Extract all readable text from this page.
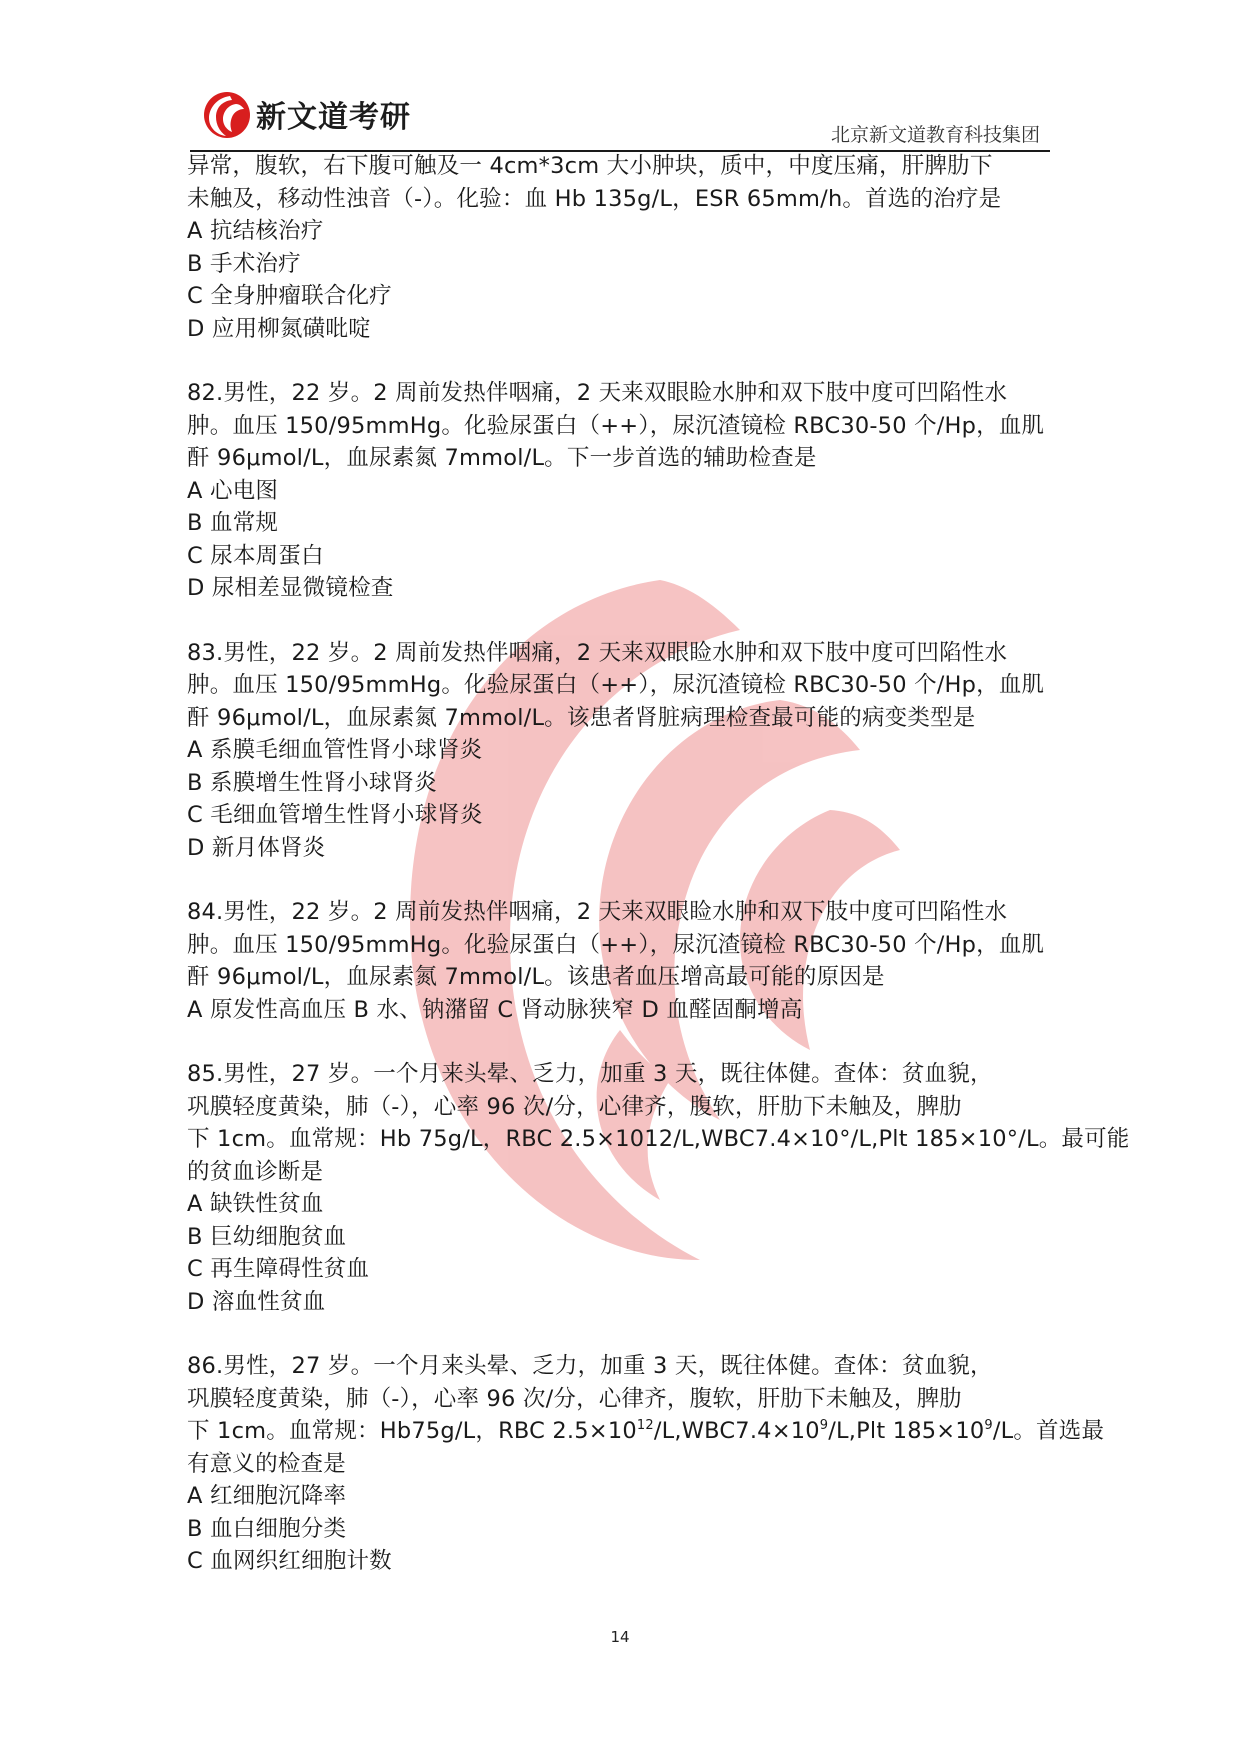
新文道考研	北京新文道教育科技集团
异常，腹软，右下腹可触及一 4cm*3cm 大小肿块，质中，中度压痛，肝脾肋下
未触及，移动性浊音（-）。化验：血 Hb 135g/L，ESR 65mm/h。首选的治疗是
A 抗结核治疗
B 手术治疗
C 全身肿瘤联合化疗
D 应用柳氮磺吡啶
82.男性，22 岁。2 周前发热伴咽痛，2 天来双眼睑水肿和双下肢中度可凹陷性水
肿。血压 150/95mmHg。化验尿蛋白（++），尿沉渣镜检 RBC30-50 个/Hp，血肌
酐 96μmol/L，血尿素氮 7mmol/L。下一步首选的辅助检查是
A 心电图
B 血常规
C 尿本周蛋白
D 尿相差显微镜检查
83.男性，22 岁。2 周前发热伴咽痛，2 天来双眼睑水肿和双下肢中度可凹陷性水
肿。血压 150/95mmHg。化验尿蛋白（++），尿沉渣镜检 RBC30-50 个/Hp，血肌
酐 96μmol/L，血尿素氮 7mmol/L。该患者肾脏病理检查最可能的病变类型是
A 系膜毛细血管性肾小球肾炎
B 系膜增生性肾小球肾炎
C 毛细血管增生性肾小球肾炎
D 新月体肾炎
84.男性，22 岁。2 周前发热伴咽痛，2 天来双眼睑水肿和双下肢中度可凹陷性水
肿。血压 150/95mmHg。化验尿蛋白（++），尿沉渣镜检 RBC30-50 个/Hp，血肌
酐 96μmol/L，血尿素氮 7mmol/L。该患者血压增高最可能的原因是
A 原发性高血压 B 水、钠潴留 C 肾动脉狭窄 D 血醛固酮增高
85.男性，27 岁。一个月来头晕、乏力，加重 3 天，既往体健。查体：贫血貌，
巩膜轻度黄染，肺（-），心率 96 次/分，心律齐，腹软，肝肋下未触及，脾肋
下 1cm。血常规：Hb 75g/L，RBC 2.5×1012/L,WBC7.4×10°/L,Plt 185×10°/L。最可能
的贫血诊断是
A 缺铁性贫血
B 巨幼细胞贫血
C 再生障碍性贫血
D 溶血性贫血
86.男性，27 岁。一个月来头晕、乏力，加重 3 天，既往体健。查体：贫血貌，
巩膜轻度黄染，肺（-），心率 96 次/分，心律齐，腹软，肝肋下未触及，脾肋
下 1cm。血常规：Hb75g/L，RBC $2.5\times 10^{12}/L,WBC7.4\times 10^9/L,Plt$ $185\times 10^9/L$。首选最
有意义的检查是
A 红细胞沉降率
B 血白细胞分类
C 血网织红细胞计数
14
